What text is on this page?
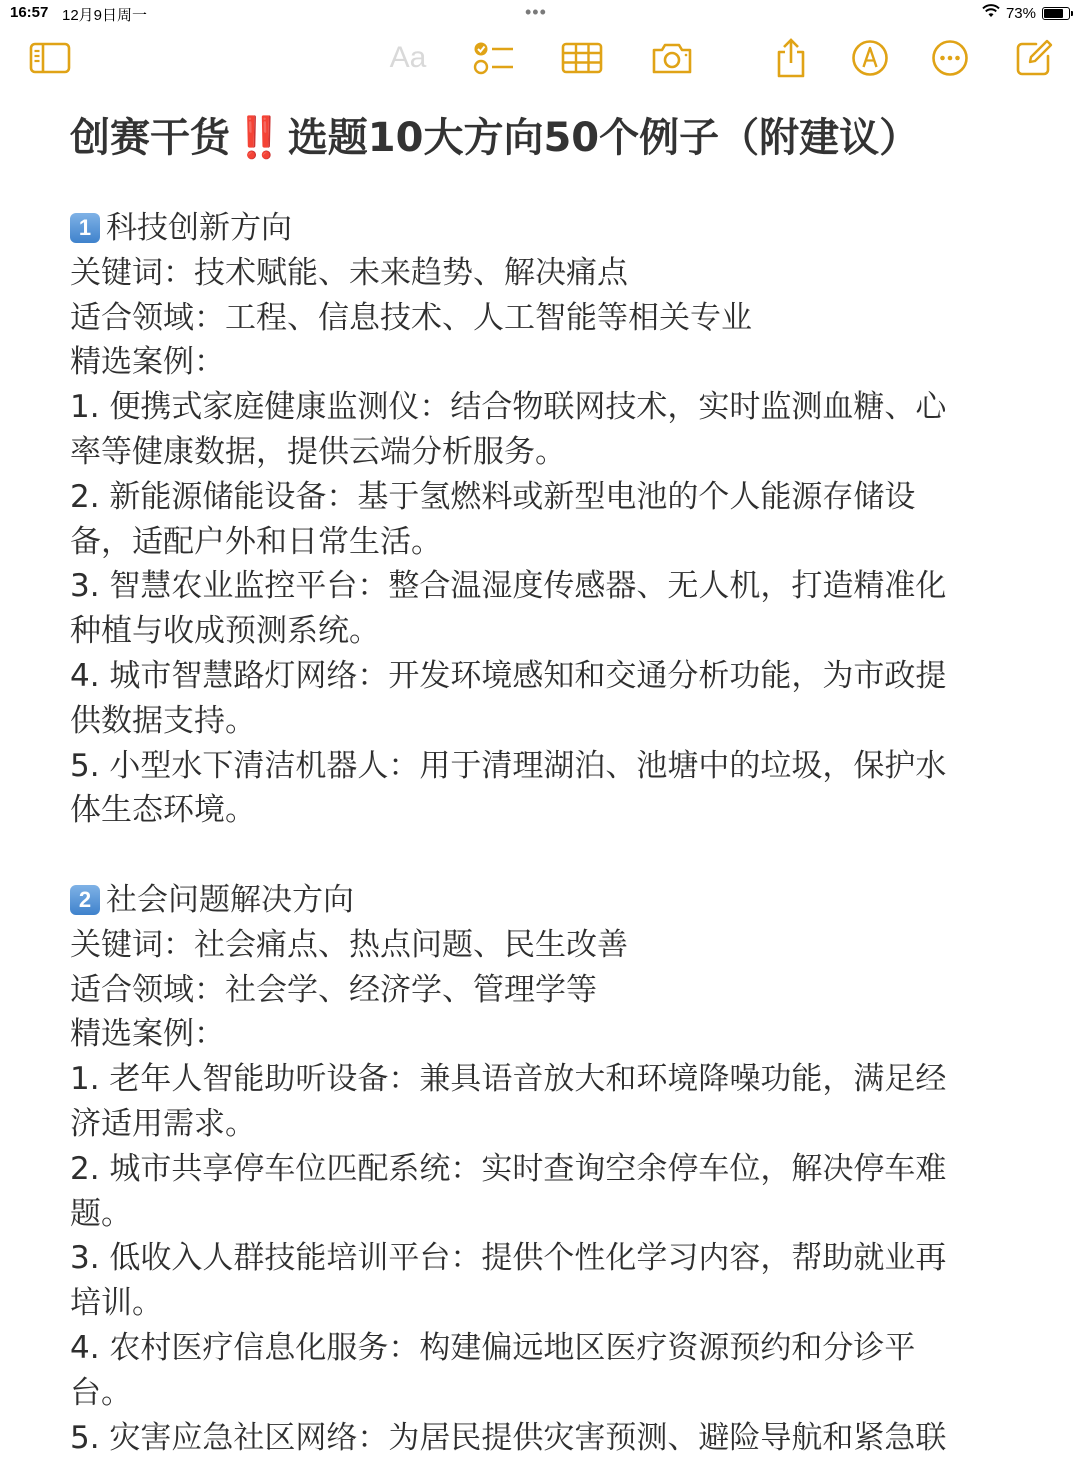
16:57 12月9日周一	•••	73%
Aa
创赛干货 ‼️ 选题10大方向50个例子（附建议）

1 科技创新方向

关键词：技术赋能、未来趋势、解决痛点

适合领域：工程、信息技术、人工智能等相关专业

精选案例：

1. 便携式家庭健康监测仪：结合物联网技术，实时监测血糖、心

率等健康数据，提供云端分析服务。

2. 新能源储能设备：基于氢燃料或新型电池的个人能源存储设

备，适配户外和日常生活。

3. 智慧农业监控平台：整合温湿度传感器、无人机，打造精准化

种植与收成预测系统。

4. 城市智慧路灯网络：开发环境感知和交通分析功能，为市政提

供数据支持。

5. 小型水下清洁机器人：用于清理湖泊、池塘中的垃圾，保护水

体生态环境。

2 社会问题解决方向

关键词：社会痛点、热点问题、民生改善

适合领域：社会学、经济学、管理学等

精选案例：

1. 老年人智能助听设备：兼具语音放大和环境降噪功能，满足经

济适用需求。

2. 城市共享停车位匹配系统：实时查询空余停车位，解决停车难

题。

3. 低收入人群技能培训平台：提供个性化学习内容，帮助就业再

培训。

4. 农村医疗信息化服务：构建偏远地区医疗资源预约和分诊平

台。

5. 灾害应急社区网络：为居民提供灾害预测、避险导航和紧急联
